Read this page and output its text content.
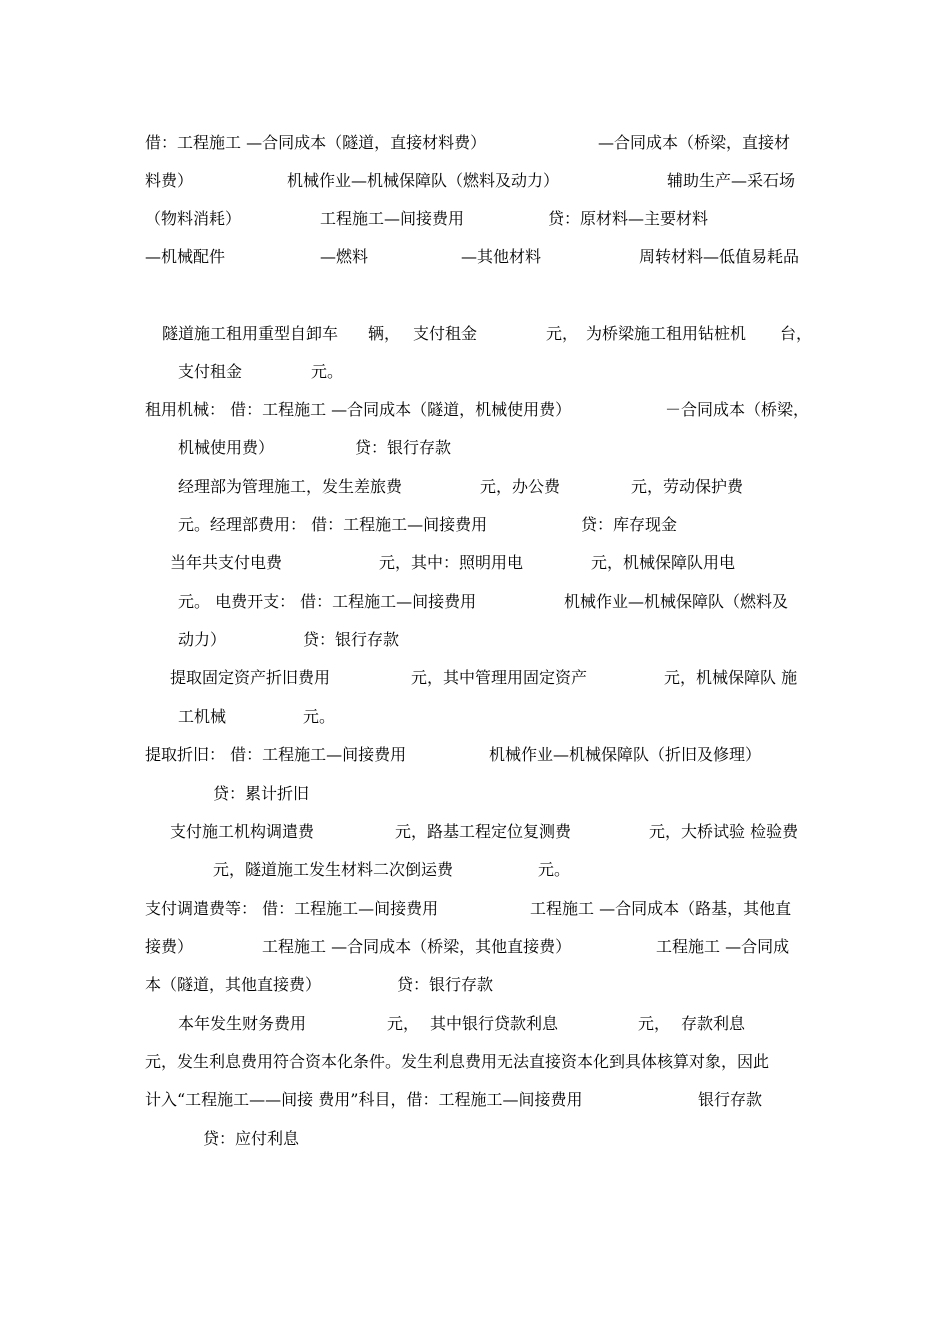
借：工程施工 —合同成本（隧道，直接材料费）	—合同成本（桥梁，直接材
料费）	机械作业—机械保障队（燃料及动力）	辅助生产—采石场
（物料消耗）	工程施工—间接费用	贷：原材料—主要材料
—机械配件	—燃料	—其他材料	周转材料—低值易耗品
隧道施工租用重型自卸车 辆， 支付租金	元， 为桥梁施工租用钻桩机 台，
支付租金	元。
租用机械： 借：工程施工 —合同成本（隧道，机械使用费）	－合同成本（桥梁，
机械使用费）	贷：银行存款
经理部为管理施工，发生差旅费	元，办公费	元，劳动保护费
元。经理部费用： 借：工程施工—间接费用	贷：库存现金
当年共支付电费	元，其中：照明用电	元，机械保障队用电
元。 电费开支： 借：工程施工—间接费用	机械作业—机械保障队（燃料及
动力）	贷：银行存款
提取固定资产折旧费用	元，其中管理用固定资产	元，机械保障队 施
工机械	元。
提取折旧： 借：工程施工—间接费用	机械作业—机械保障队（折旧及修理）
贷：累计折旧
支付施工机构调遣费	元，路基工程定位复测费	元，大桥试验 检验费
元，隧道施工发生材料二次倒运费	元。
支付调遣费等： 借：工程施工—间接费用	工程施工 —合同成本（路基，其他直
接费）	工程施工 —合同成本（桥梁，其他直接费）	工程施工 —合同成
本（隧道，其他直接费）	贷：银行存款
本年发生财务费用	元， 其中银行贷款利息	元， 存款利息
元，发生利息费用符合资本化条件。发生利息费用无法直接资本化到具体核算对象，因此
计入“工程施工——间接 费用”科目，借：工程施工—间接费用	银行存款
贷：应付利息
